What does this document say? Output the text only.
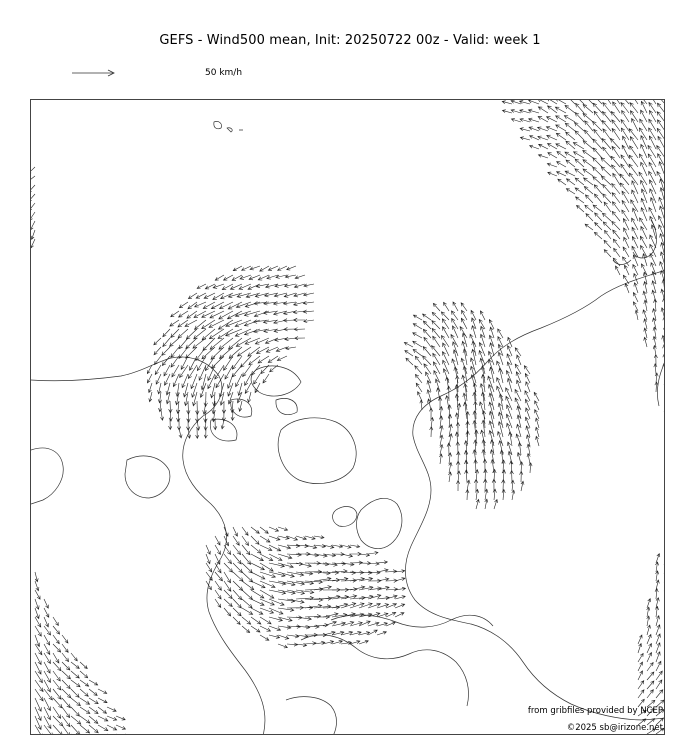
GEFS - Wind500 mean, Init: 20250722 00z - Valid: week 1
50 km/h
from gribfiles provided by NCEP
©2025 sb@irizone.net
